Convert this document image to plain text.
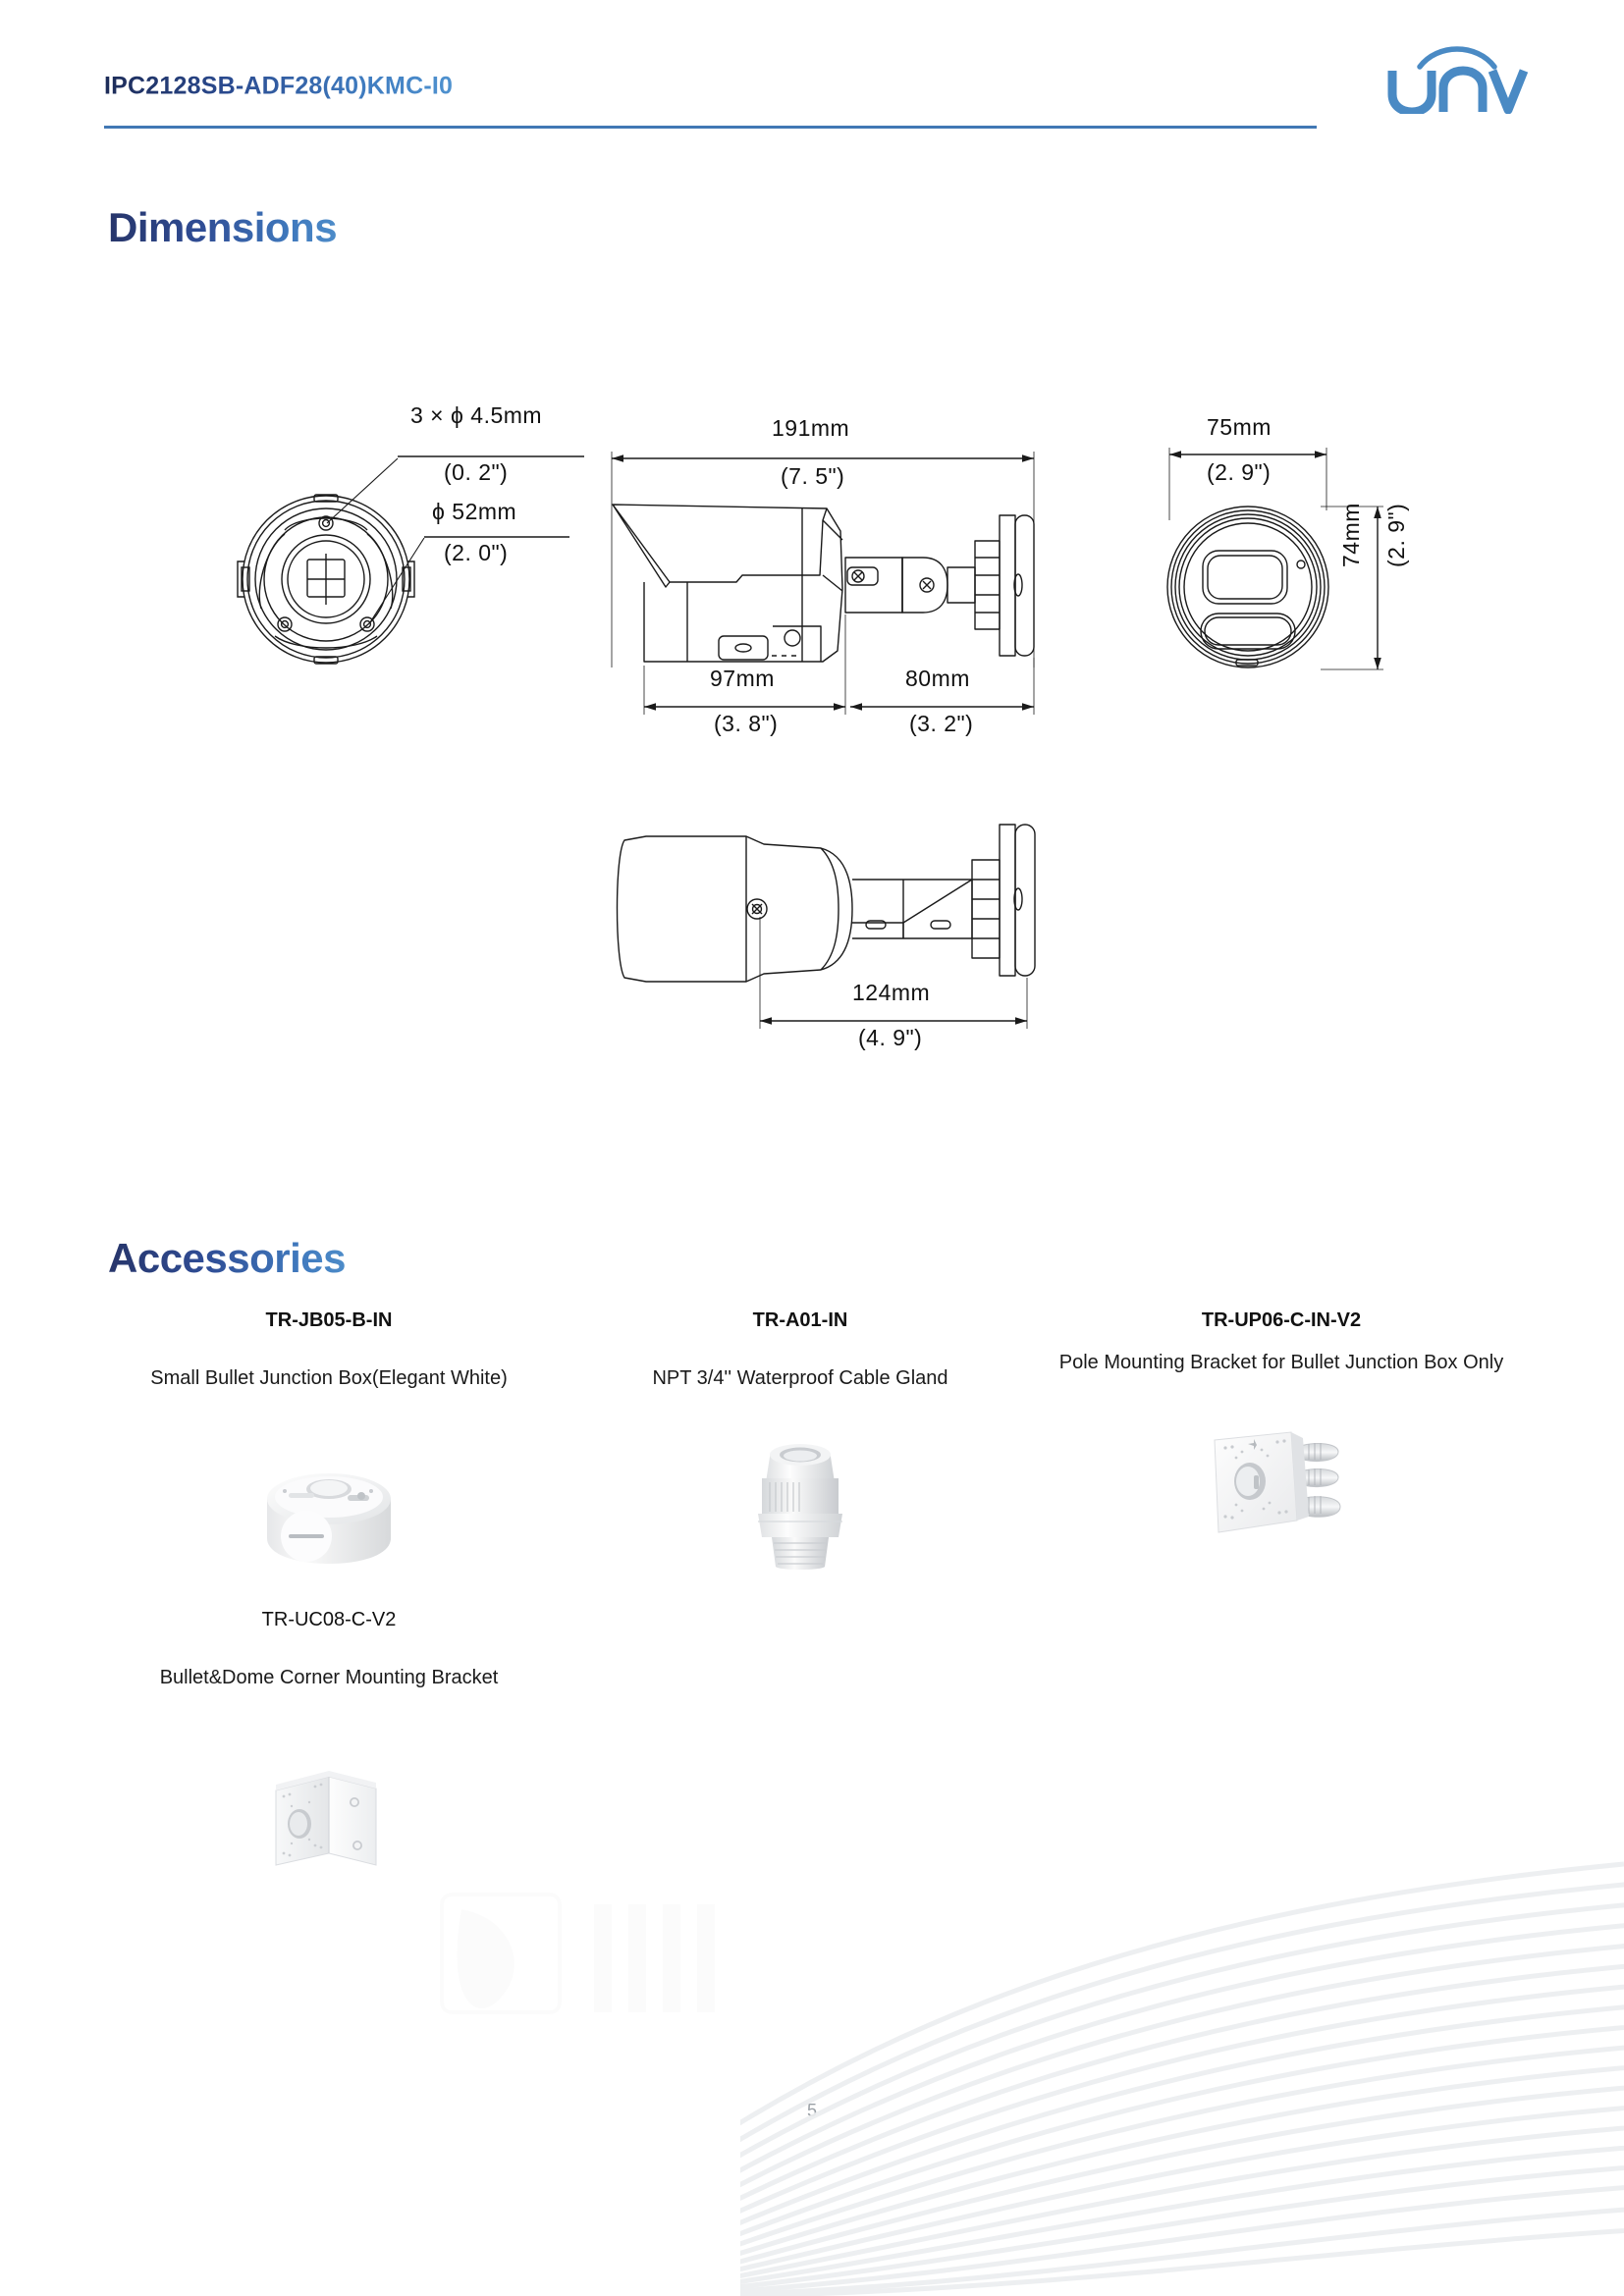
IPC2128SB-ADF28(40)KMC-I0
Dimensions
3 × ϕ 4.5mm
(0. 2")
ϕ 52mm
(2. 0")
191mm
(7. 5")
97mm
(3. 8")
80mm
(3. 2")
75mm
(2. 9")
74mm (2. 9")
124mm
(4. 9")
Accessories
TR-JB05-B-IN
Small Bullet Junction Box(Elegant White)
TR-A01-IN
NPT 3/4'' Waterproof Cable Gland
TR-UP06-C-IN-V2
Pole Mounting Bracket for Bullet Junction Box Only
TR-UC08-C-V2
Bullet&Dome Corner Mounting Bracket
5
